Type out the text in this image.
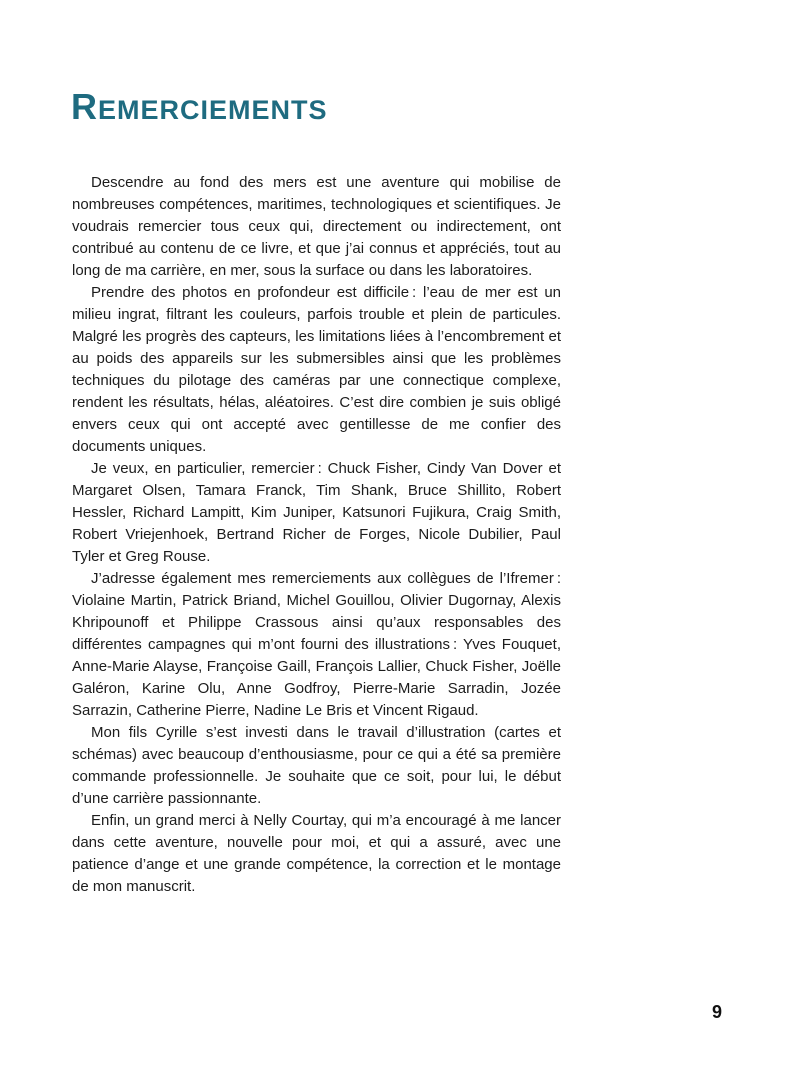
REMERCIEMENTS

Descendre au fond des mers est une aventure qui mobilise de nombreuses compétences, maritimes, technologiques et scientifiques. Je voudrais remercier tous ceux qui, directement ou indirectement, ont contribué au contenu de ce livre, et que j’ai connus et appréciés, tout au long de ma carrière, en mer, sous la surface ou dans les laboratoires.

Prendre des photos en profondeur est difficile : l’eau de mer est un milieu ingrat, filtrant les couleurs, parfois trouble et plein de particules. Malgré les progrès des capteurs, les limitations liées à l’encombrement et au poids des appareils sur les submersibles ainsi que les problèmes techniques du pilotage des caméras par une connectique complexe, rendent les résultats, hélas, aléatoires. C’est dire combien je suis obligé envers ceux qui ont accepté avec gentillesse de me confier des documents uniques.

Je veux, en particulier, remercier : Chuck Fisher, Cindy Van Dover et Margaret Olsen, Tamara Franck, Tim Shank, Bruce Shillito, Robert Hessler, Richard Lampitt, Kim Juniper, Katsunori Fujikura, Craig Smith, Robert Vriejenhoek, Bertrand Richer de Forges, Nicole Dubilier, Paul Tyler et Greg Rouse.

J’adresse également mes remerciements aux collègues de l’Ifremer : Violaine Martin, Patrick Briand, Michel Gouillou, Olivier Dugornay, Alexis Khripounoff et Philippe Crassous ainsi qu’aux responsables des différentes campagnes qui m’ont fourni des illustrations : Yves Fouquet, Anne-Marie Alayse, Françoise Gaill, François Lallier, Chuck Fisher, Joëlle Galéron, Karine Olu, Anne Godfroy, Pierre-Marie Sarradin, Jozée Sarrazin, Catherine Pierre, Nadine Le Bris et Vincent Rigaud.

Mon fils Cyrille s’est investi dans le travail d’illustration (cartes et schémas) avec beaucoup d’enthousiasme, pour ce qui a été sa première commande professionnelle. Je souhaite que ce soit, pour lui, le début d’une carrière passionnante.

Enfin, un grand merci à Nelly Courtay, qui m’a encouragé à me lancer dans cette aventure, nouvelle pour moi, et qui a assuré, avec une patience d’ange et une grande compétence, la correction et le montage de mon manuscrit.

9
